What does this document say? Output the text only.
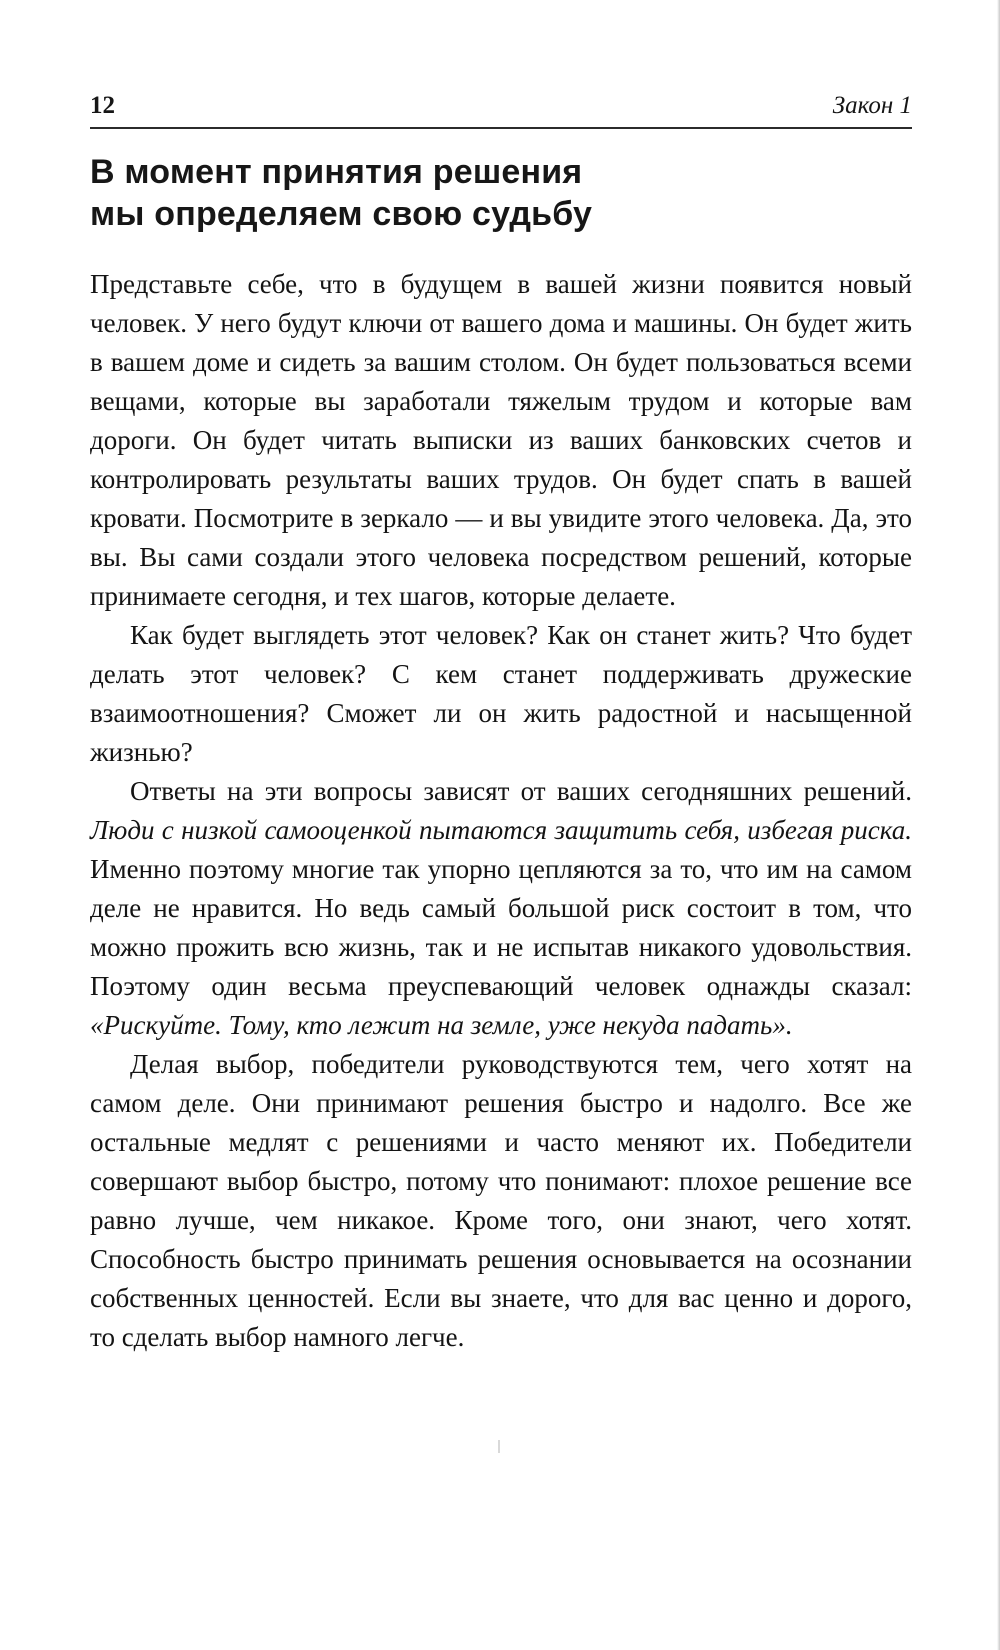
12	Закон 1
В момент принятия решения
мы определяем свою судьбу

Представьте себе, что в будущем в вашей жизни появится новый человек. У него будут ключи от вашего дома и машины. Он будет жить в вашем доме и сидеть за вашим столом. Он будет пользоваться всеми вещами, которые вы заработали тяжелым трудом и которые вам дороги. Он будет читать выписки из ваших банковских счетов и контролировать результаты ваших трудов. Он будет спать в вашей кровати. Посмотрите в зеркало — и вы увидите этого человека. Да, это вы. Вы сами создали этого человека посредством решений, которые принимаете сегодня, и тех шагов, которые делаете.

Как будет выглядеть этот человек? Как он станет жить? Что будет делать этот человек? С кем станет поддерживать дружеские взаимоотношения? Сможет ли он жить радостной и насыщенной жизнью?

Ответы на эти вопросы зависят от ваших сегодняшних решений. Люди с низкой самооценкой пытаются защитить себя, избегая риска. Именно поэтому многие так упорно цепляются за то, что им на самом деле не нравится. Но ведь самый большой риск состоит в том, что можно прожить всю жизнь, так и не испытав никакого удовольствия. Поэтому один весьма преуспевающий человек однажды сказал: «Рискуйте. Тому, кто лежит на земле, уже некуда падать».

Делая выбор, победители руководствуются тем, чего хотят на самом деле. Они принимают решения быстро и надолго. Все же остальные медлят с решениями и часто меняют их. Победители совершают выбор быстро, потому что понимают: плохое решение все равно лучше, чем никакое. Кроме того, они знают, чего хотят. Способность быстро принимать решения основывается на осознании собственных ценностей. Если вы знаете, что для вас ценно и дорого, то сделать выбор намного легче.
